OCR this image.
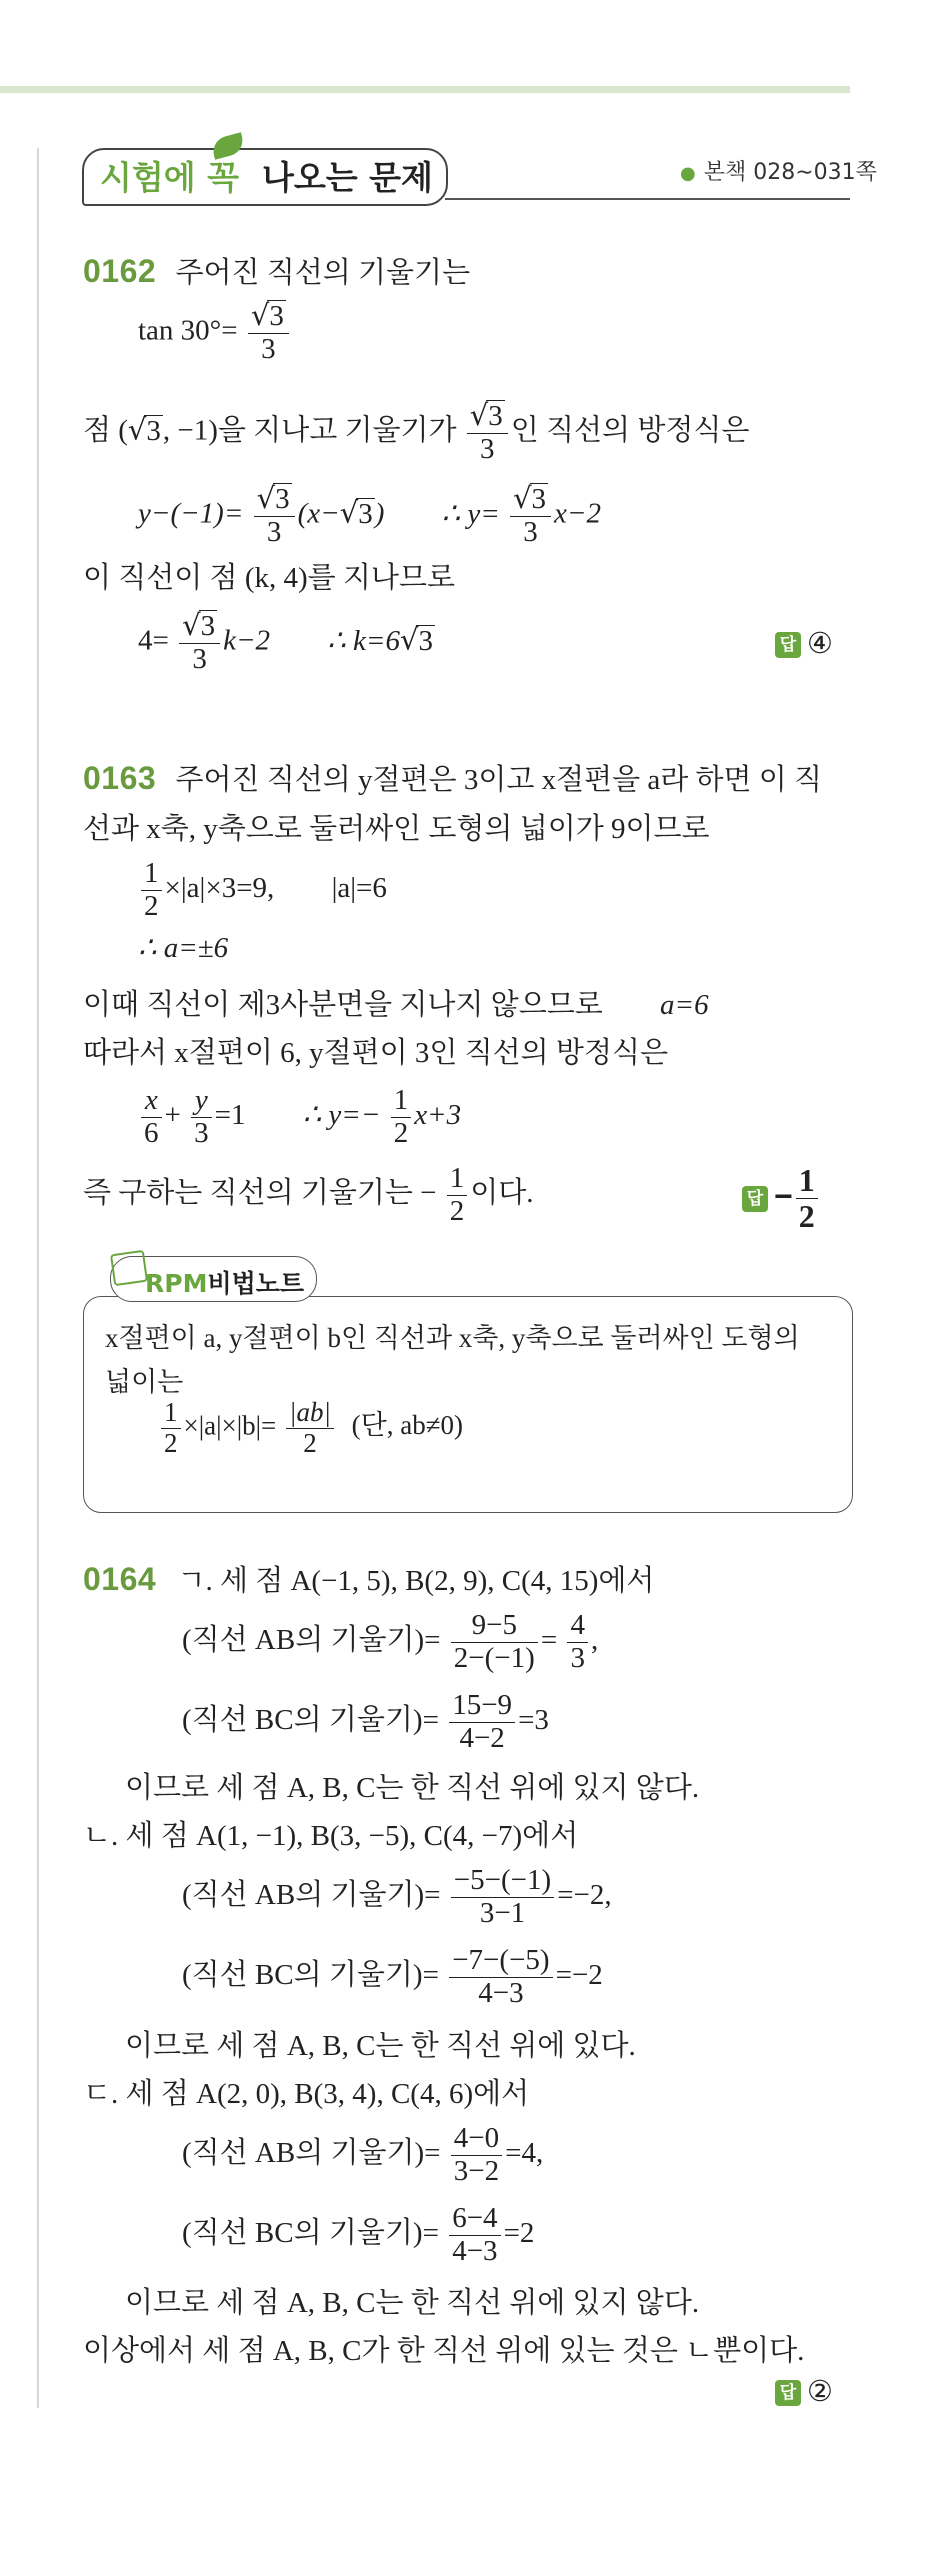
시험에 꼭 나오는 문제	● 본책 028∼031쪽
0162 주어진 직선의 기울기는
$\tan 30^\circ= \frac{√3}{3}$
점 (√3, −1)을 지나고 기울기가 $\frac{√3}{3}$ 인 직선의 방정식은
$y-(-1)= \frac{√3}{3} (x-√3)$ ∴ $y= \frac{√3}{3} x-2$
이 직선이 점 (k, 4)를 지나므로
$4= \frac{√3}{3} k-2$ ∴ k=6√3	답 ④
0163 주어진 직선의 y절편은 3이고 x절편을 a라 하면 이 직
선과 x축, y축으로 둘러싸인 도형의 넓이가 9이므로
$\frac{1}{2} \times|a|\times 3=9$, |a|=6
∴ a=±6
이때 직선이 제3사분면을 지나지 않으므로 a=6
따라서 x절편이 6, y절편이 3인 직선의 방정식은
$\frac{x}{6} + \frac{y}{3} =1$ ∴ $y=- \frac{1}{2} x+3$
즉 구하는 직선의 기울기는 − $\frac{1}{2}$ 이다.	답 − $\frac{1}{2}$
RPM비법노트
x절편이 a, y절편이 b인 직선과 x축, y축으로 둘러싸인 도형의
넓이는
$\frac{1}{2} \times|a|\times|b|= \frac{|ab|}{2}$ (단, ab≠0)
0164 ㄱ. 세 점 A(−1, 5), B(2, 9), C(4, 15)에서
(직선 AB의 기울기)= $\frac{9-5}{2-(-1)} = \frac{4}{3}$ ,
(직선 BC의 기울기)= $\frac{15-9}{4-2} =3$
이므로 세 점 A, B, C는 한 직선 위에 있지 않다.
ㄴ. 세 점 A(1, −1), B(3, −5), C(4, −7)에서
(직선 AB의 기울기)= $\frac{-5-(-1)}{3-1} =-2$,
(직선 BC의 기울기)= $\frac{-7-(-5)}{4-3} =-2$
이므로 세 점 A, B, C는 한 직선 위에 있다.
ㄷ. 세 점 A(2, 0), B(3, 4), C(4, 6)에서
(직선 AB의 기울기)= $\frac{4-0}{3-2} =4$,
(직선 BC의 기울기)= $\frac{6-4}{4-3} =2$
이므로 세 점 A, B, C는 한 직선 위에 있지 않다.
이상에서 세 점 A, B, C가 한 직선 위에 있는 것은 ㄴ뿐이다.
답 ②
